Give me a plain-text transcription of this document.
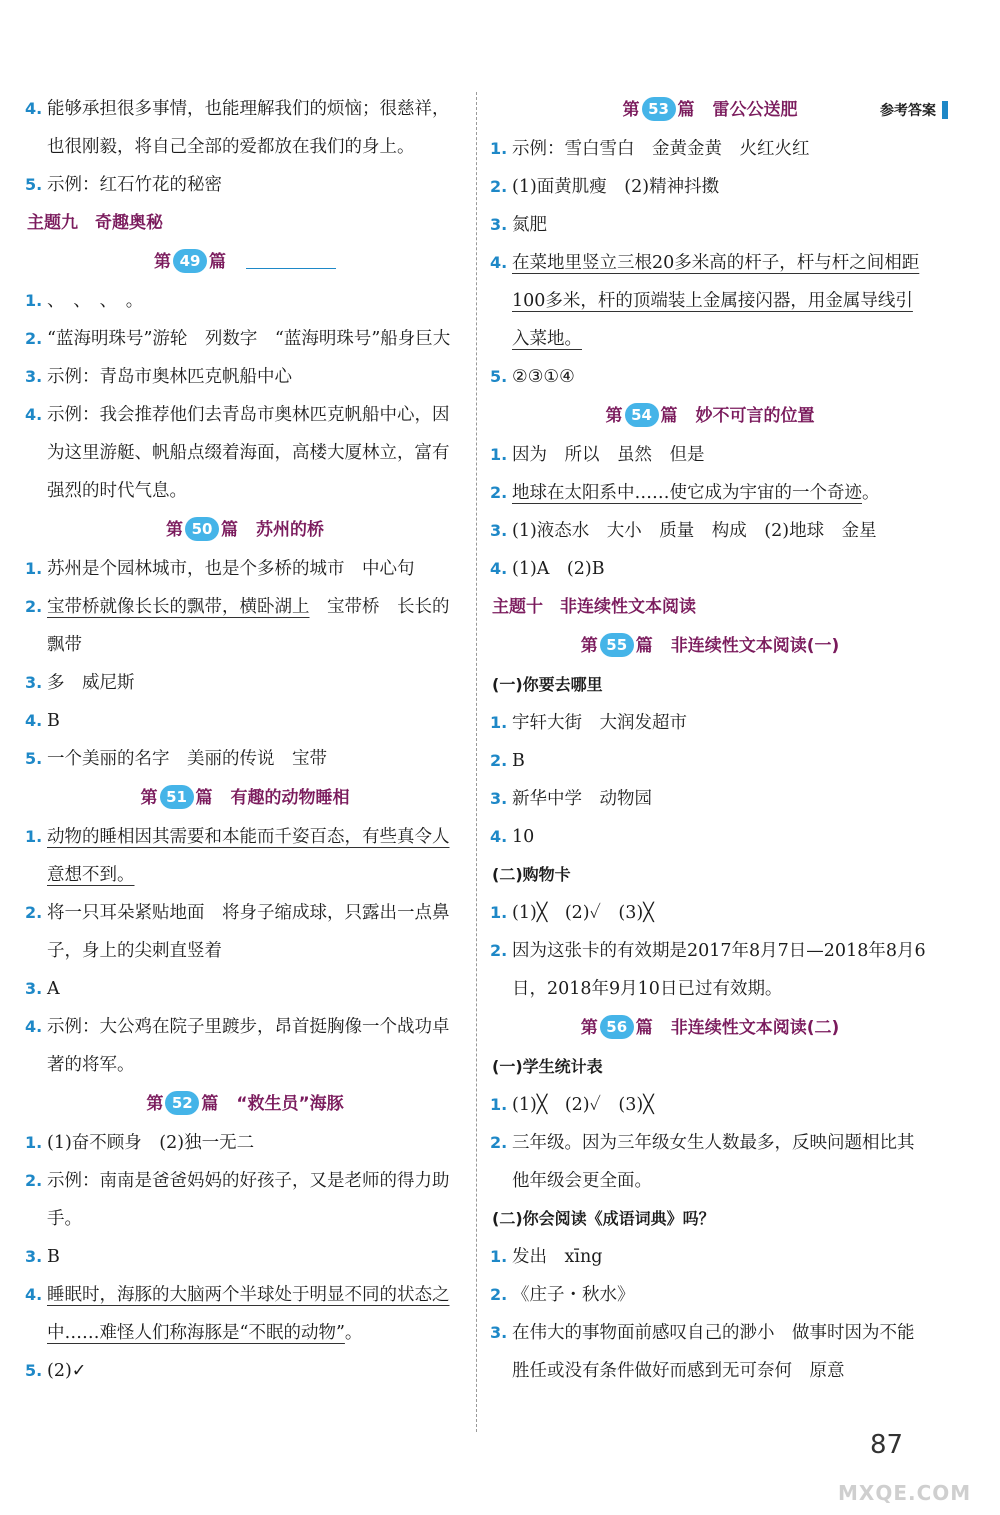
参考答案
4 . 能够承担很多事情，也能理解我们的烦恼；很慈祥，也很刚毅，将自己全部的爱都放在我们的身上。
5 . 示例：红石竹花的秘密
主题九　奇趣奥秘
第 49 篇
1 . 、　、　、　。
2 . “蓝海明珠号”游轮　列数字　“蓝海明珠号”船身巨大
3 . 示例：青岛市奥林匹克帆船中心
4 . 示例：我会推荐他们去青岛市奥林匹克帆船中心，因为这里游艇、帆船点缀着海面，高楼大厦林立，富有强烈的时代气息。
第 50 篇 苏州的桥
1 . 苏州是个园林城市，也是个多桥的城市　中心句
2 . 宝带桥就像长长的飘带，横卧湖上　宝带桥　长长的飘带
3 . 多　威尼斯
4 . B
5 . 一个美丽的名字　美丽的传说　宝带
第 51 篇 有趣的动物睡相
1 . 动物的睡相因其需要和本能而千姿百态，有些真令人意想不到。
2 . 将一只耳朵紧贴地面　将身子缩成球，只露出一点鼻子，身上的尖刺直竖着
3 . A
4 . 示例：大公鸡在院子里踱步，昂首挺胸像一个战功卓著的将军。
第 52 篇 “救生员”海豚
1 . (1)奋不顾身　(2)独一无二
2 . 示例：南南是爸爸妈妈的好孩子，又是老师的得力助手。
3 . B
4 . 睡眠时，海豚的大脑两个半球处于明显不同的状态之中……难怪人们称海豚是“不眠的动物”。
5 . (2)✓
第 53 篇 雷公公送肥
1 . 示例：雪白雪白　金黄金黄　火红火红
2 . (1)面黄肌瘦　(2)精神抖擞
3 . 氮肥
4 . 在菜地里竖立三根20多米高的杆子，杆与杆之间相距100多米，杆的顶端装上金属接闪器，用金属导线引入菜地。
5 . ②③①④
第 54 篇 妙不可言的位置
1 . 因为　所以　虽然　但是
2 . 地球在太阳系中……使它成为宇宙的一个奇迹。
3 . (1)液态水　大小　质量　构成　(2)地球　金星
4 . (1)A　(2)B
主题十　非连续性文本阅读
第 55 篇 非连续性文本阅读(一)
(一)你要去哪里
1 . 宇轩大街　大润发超市
2 . B
3 . 新华中学　动物园
4 . 10
(二)购物卡
1 . (1)╳　(2)✓　(3)╳
2 . 因为这张卡的有效期是2017年8月7日—2018年8月6日，2018年9月10日已过有效期。
第 56 篇 非连续性文本阅读(二)
(一)学生统计表
1 . (1)╳　(2)✓　(3)╳
2 . 三年级。因为三年级女生人数最多，反映问题相比其他年级会更全面。
(二)你会阅读《成语词典》吗？
1 . 发出　xīng
2 . 《庄子・秋水》
3 . 在伟大的事物面前感叹自己的渺小　做事时因为不能胜任或没有条件做好而感到无可奈何　原意
87
MXQE.COM
